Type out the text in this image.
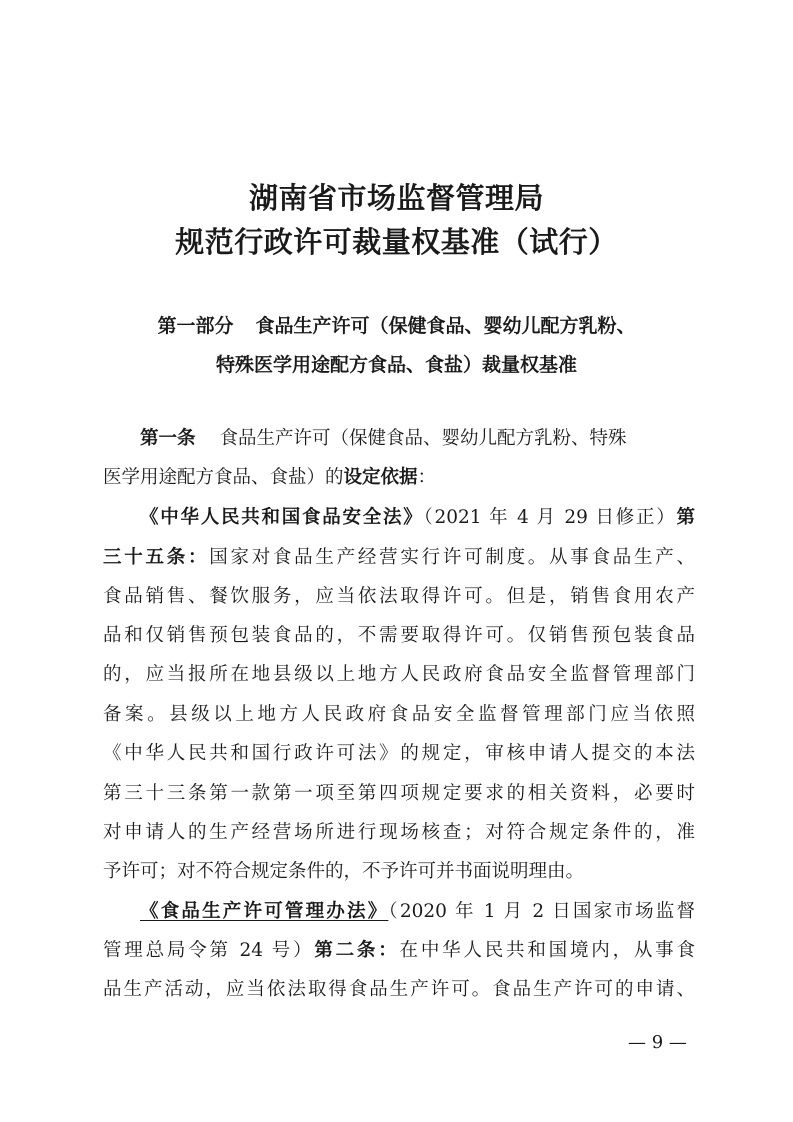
湖南省市场监督管理局
规范行政许可裁量权基准（试行）
第一部分 食品生产许可（保健食品、婴幼儿配方乳粉、
特殊医学用途配方食品、食盐）裁量权基准
第一条 食品生产许可（保健食品、婴幼儿配方乳粉、特殊
医学用途配方食品、食盐）的设定依据：
《中华人民共和国食品安全法》（2021 年 4 月 29 日修正）第
三十五条：国家对食品生产经营实行许可制度。从事食品生产、
食品销售、餐饮服务，应当依法取得许可。但是，销售食用农产
品和仅销售预包装食品的，不需要取得许可。仅销售预包装食品
的，应当报所在地县级以上地方人民政府食品安全监督管理部门
备案。县级以上地方人民政府食品安全监督管理部门应当依照
《中华人民共和国行政许可法》的规定，审核申请人提交的本法
第三十三条第一款第一项至第四项规定要求的相关资料，必要时
对申请人的生产经营场所进行现场核查；对符合规定条件的，准
予许可；对不符合规定条件的，不予许可并书面说明理由。
《食品生产许可管理办法》（2020 年 1 月 2 日国家市场监督
管理总局令第 24 号）第二条：在中华人民共和国境内，从事食
品生产活动，应当依法取得食品生产许可。食品生产许可的申请、
— 9 —
